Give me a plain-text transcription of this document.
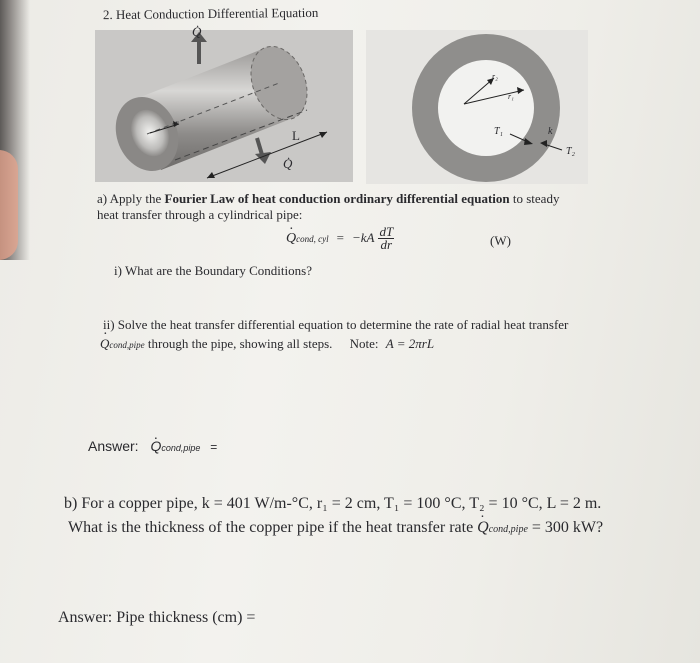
2. Heat Conduction Differential Equation
Q̇
r
L
Q̇
r₂
r₁
T₁	k
T₂
a) Apply the Fourier Law of heat conduction ordinary differential equation to steady
heat transfer through a cylindrical pipe:
· Qcond, cyl = $-kA \frac{dT}{dr}$	(W)
i) What are the Boundary Conditions?
ii) Solve the heat transfer differential equation to determine the rate of radial heat transfer
· Qcond,pipe through the pipe, showing all steps. Note: A = 2πrL
Answer: · Qcond,pipe =
b) For a copper pipe, k = 401 W/m-°C, r₁ = 2 cm, T₁ = 100 °C, T₂ = 10 °C, L = 2 m.
What is the thickness of the copper pipe if the heat transfer rate · Qcond,pipe = 300 kW?
Answer: Pipe thickness (cm) =
